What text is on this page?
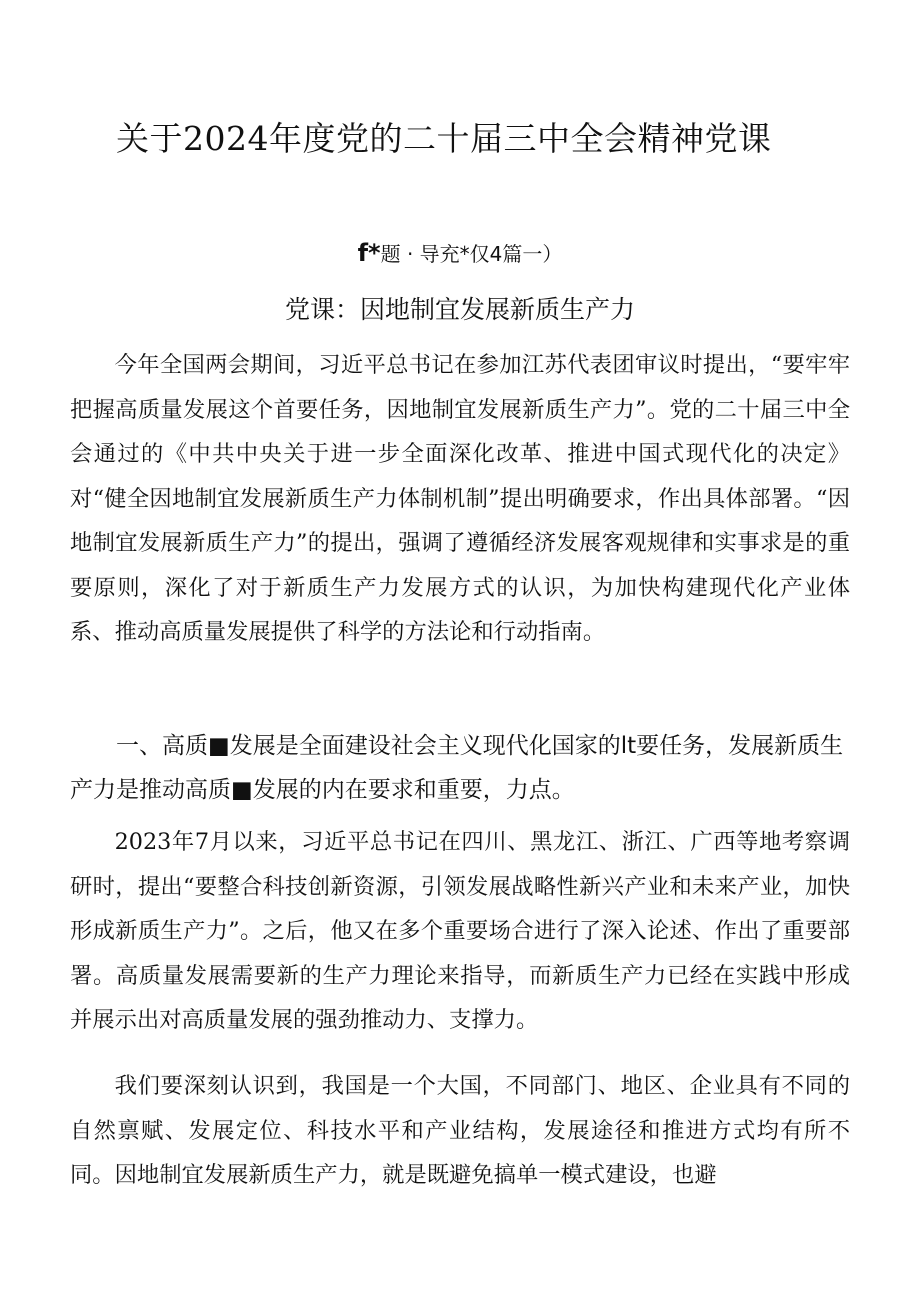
关于2024年度党的二十届三中全会精神党课
f*题 · 导充*仅4篇一）
党课：因地制宜发展新质生产力

今年全国两会期间，习近平总书记在参加江苏代表团审议时提出，“要牢牢把握高质量发展这个首要任务，因地制宜发展新质生产力”。党的二十届三中全会通过的《中共中央关于进一步全面深化改革、推进中国式现代化的决定》对“健全因地制宜发展新质生产力体制机制”提出明确要求，作出具体部署。“因地制宜发展新质生产力”的提出，强调了遵循经济发展客观规律和实事求是的重要原则，深化了对于新质生产力发展方式的认识，为加快构建现代化产业体系、推动高质量发展提供了科学的方法论和行动指南。

一、高质■发展是全面建设社会主义现代化国家的lt要任务，发展新质生产力是推动高质■发展的内在要求和重要，力点。

2023年7月以来，习近平总书记在四川、黑龙江、浙江、广西等地考察调研时，提出“要整合科技创新资源，引领发展战略性新兴产业和未来产业，加快形成新质生产力”。之后，他又在多个重要场合进行了深入论述、作出了重要部署。高质量发展需要新的生产力理论来指导，而新质生产力已经在实践中形成并展示出对高质量发展的强劲推动力、支撑力。

我们要深刻认识到，我国是一个大国，不同部门、地区、企业具有不同的自然禀赋、发展定位、科技水平和产业结构，发展途径和推进方式均有所不同。因地制宜发展新质生产力，就是既避免搞单一模式建设，也避
